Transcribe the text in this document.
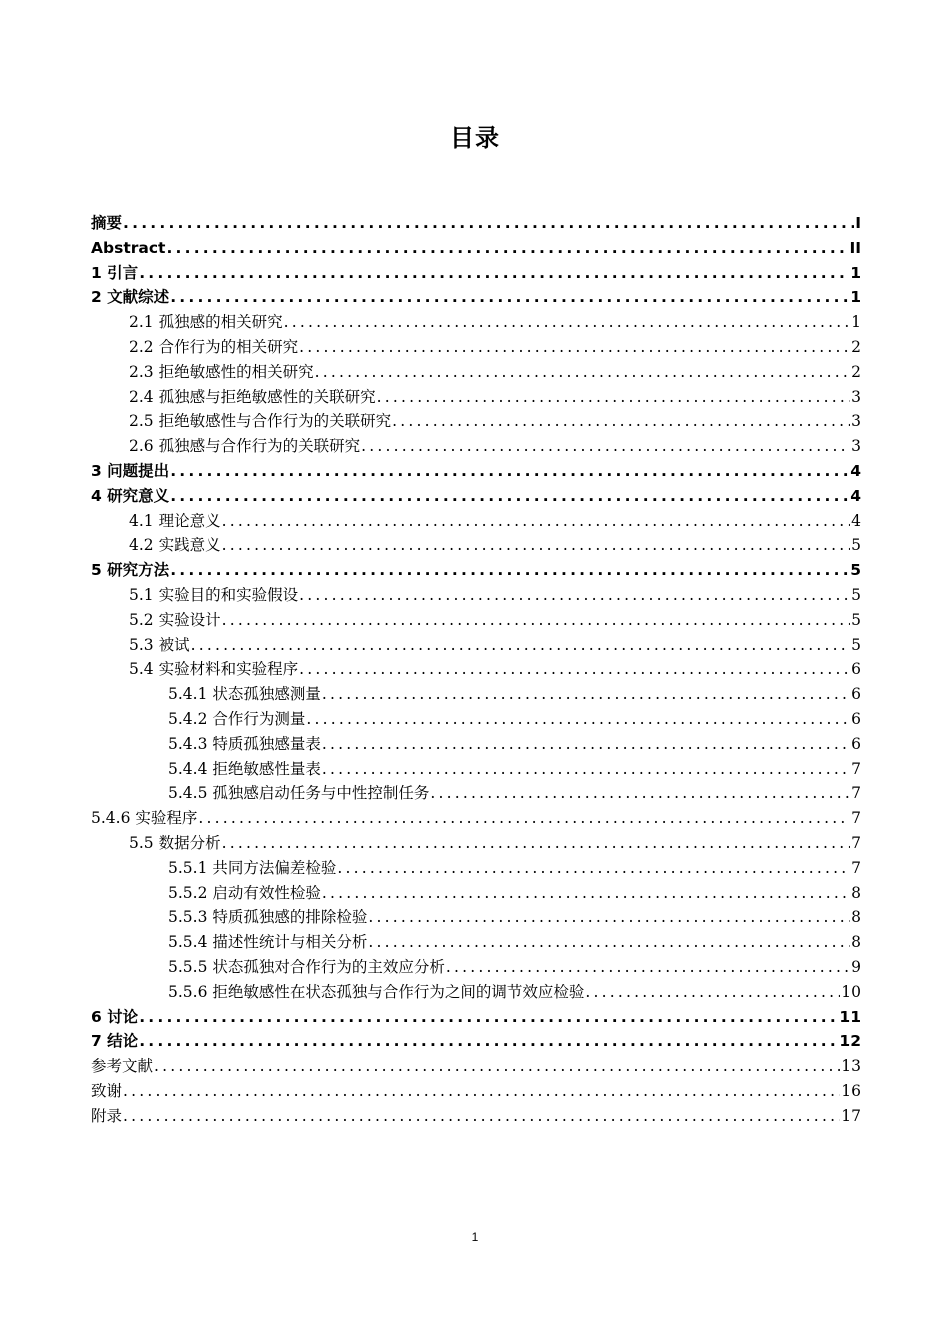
目录
摘要 .....	I
Abstract .....	II
1 引言 .....	1
2 文献综述 .....	1
2.1 孤独感的相关研究 .....	1
2.2 合作行为的相关研究 .....	2
2.3 拒绝敏感性的相关研究 .....	2
2.4 孤独感与拒绝敏感性的关联研究 .....	3
2.5 拒绝敏感性与合作行为的关联研究 .....	3
2.6 孤独感与合作行为的关联研究 .....	3
3 问题提出 .....	4
4 研究意义 .....	4
4.1 理论意义 .....	4
4.2 实践意义 .....	5
5 研究方法 .....	5
5.1 实验目的和实验假设 .....	5
5.2 实验设计 .....	5
5.3 被试 .....	5
5.4 实验材料和实验程序 .....	6
5.4.1 状态孤独感测量 .....	6
5.4.2 合作行为测量 .....	6
5.4.3 特质孤独感量表 .....	6
5.4.4 拒绝敏感性量表 .....	7
5.4.5 孤独感启动任务与中性控制任务 .....	7
5.4.6 实验程序 .....	7
5.5 数据分析 .....	7
5.5.1 共同方法偏差检验 .....	7
5.5.2 启动有效性检验 .....	8
5.5.3 特质孤独感的排除检验 .....	8
5.5.4 描述性统计与相关分析 .....	8
5.5.5 状态孤独对合作行为的主效应分析 .....	9
5.5.6 拒绝敏感性在状态孤独与合作行为之间的调节效应检验 .....	10
6 讨论 .....	11
7 结论 .....	12
参考文献 .....	13
致谢 .....	16
附录 .....	17
1
